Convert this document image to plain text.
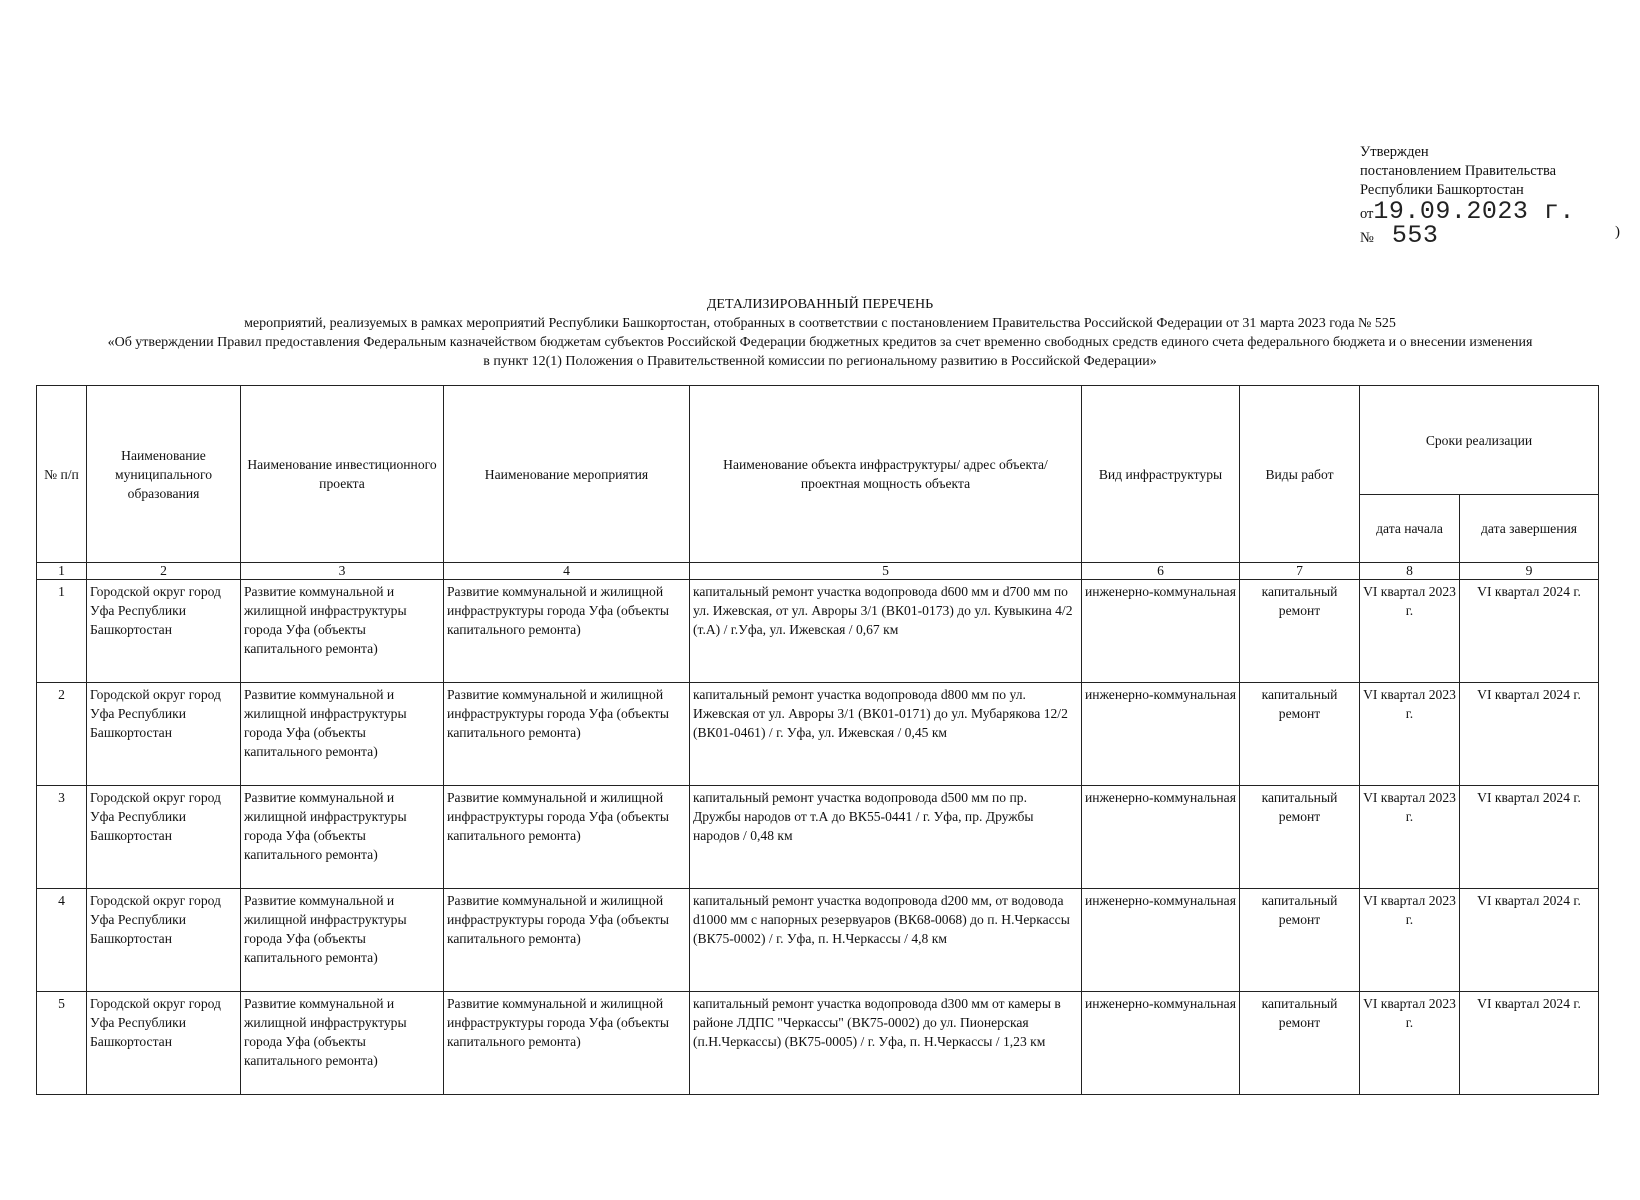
Утвержден
постановлением Правительства
Республики Башкортостан
от 19.09.2023 г.
№ 553	)
ДЕТАЛИЗИРОВАННЫЙ ПЕРЕЧЕНЬ
мероприятий, реализуемых в рамках мероприятий Республики Башкортостан, отобранных в соответствии с постановлением Правительства Российской Федерации от 31 марта 2023 года № 525
«Об утверждении Правил предоставления Федеральным казначейством бюджетам субъектов Российской Федерации бюджетных кредитов за счет временно свободных средств единого счета федерального бюджета и о внесении изменения
в пункт 12(1) Положения о Правительственной комиссии по региональному развитию в Российской Федерации»
№ п/п	Наименование муниципального образования	Наименование инвестиционного проекта	Наименование мероприятия	Наименование объекта инфраструктуры/ адрес объекта/ проектная мощность объекта	Вид инфраструктуры	Виды работ	Сроки реализации	
							дата начала	дата завершения
1	2	3	4	5	6	7	8	9
1	Городской округ город Уфа Республики Башкортостан	Развитие коммунальной и жилищной инфраструктуры города Уфа (объекты капитального ремонта)	Развитие коммунальной и жилищной инфраструктуры города Уфа (объекты капитального ремонта)	капитальный ремонт участка водопровода d600 мм и d700 мм по ул. Ижевская, от ул. Авроры 3/1 (ВК01-0173) до ул. Кувыкина 4/2 (т.А) / г.Уфа, ул. Ижевская / 0,67 км	инженерно-коммунальная	капитальный ремонт	VI квартал 2023 г.	VI квартал 2024 г.
2	Городской округ город Уфа Республики Башкортостан	Развитие коммунальной и жилищной инфраструктуры города Уфа (объекты капитального ремонта)	Развитие коммунальной и жилищной инфраструктуры города Уфа (объекты капитального ремонта)	капитальный ремонт участка водопровода d800 мм по ул. Ижевская от ул. Авроры 3/1 (ВК01-0171) до ул. Мубарякова 12/2 (ВК01-0461) / г. Уфа, ул. Ижевская / 0,45 км	инженерно-коммунальная	капитальный ремонт	VI квартал 2023 г.	VI квартал 2024 г.
3	Городской округ город Уфа Республики Башкортостан	Развитие коммунальной и жилищной инфраструктуры города Уфа (объекты капитального ремонта)	Развитие коммунальной и жилищной инфраструктуры города Уфа (объекты капитального ремонта)	капитальный ремонт участка водопровода d500 мм по пр. Дружбы народов от т.А до ВК55-0441 / г. Уфа, пр. Дружбы народов / 0,48 км	инженерно-коммунальная	капитальный ремонт	VI квартал 2023 г.	VI квартал 2024 г.
4	Городской округ город Уфа Республики Башкортостан	Развитие коммунальной и жилищной инфраструктуры города Уфа (объекты капитального ремонта)	Развитие коммунальной и жилищной инфраструктуры города Уфа (объекты капитального ремонта)	капитальный ремонт участка водопровода d200 мм, от водовода d1000 мм с напорных резервуаров (ВК68-0068) до п. Н.Черкассы (ВК75-0002) / г. Уфа, п. Н.Черкассы / 4,8 км	инженерно-коммунальная	капитальный ремонт	VI квартал 2023 г.	VI квартал 2024 г.
5	Городской округ город Уфа Республики Башкортостан	Развитие коммунальной и жилищной инфраструктуры города Уфа (объекты капитального ремонта)	Развитие коммунальной и жилищной инфраструктуры города Уфа (объекты капитального ремонта)	капитальный ремонт участка водопровода d300 мм от камеры в районе ЛДПС "Черкассы" (ВК75-0002) до ул. Пионерская (п.Н.Черкассы) (ВК75-0005) / г. Уфа, п. Н.Черкассы / 1,23 км	инженерно-коммунальная	капитальный ремонт	VI квартал 2023 г.	VI квартал 2024 г.
